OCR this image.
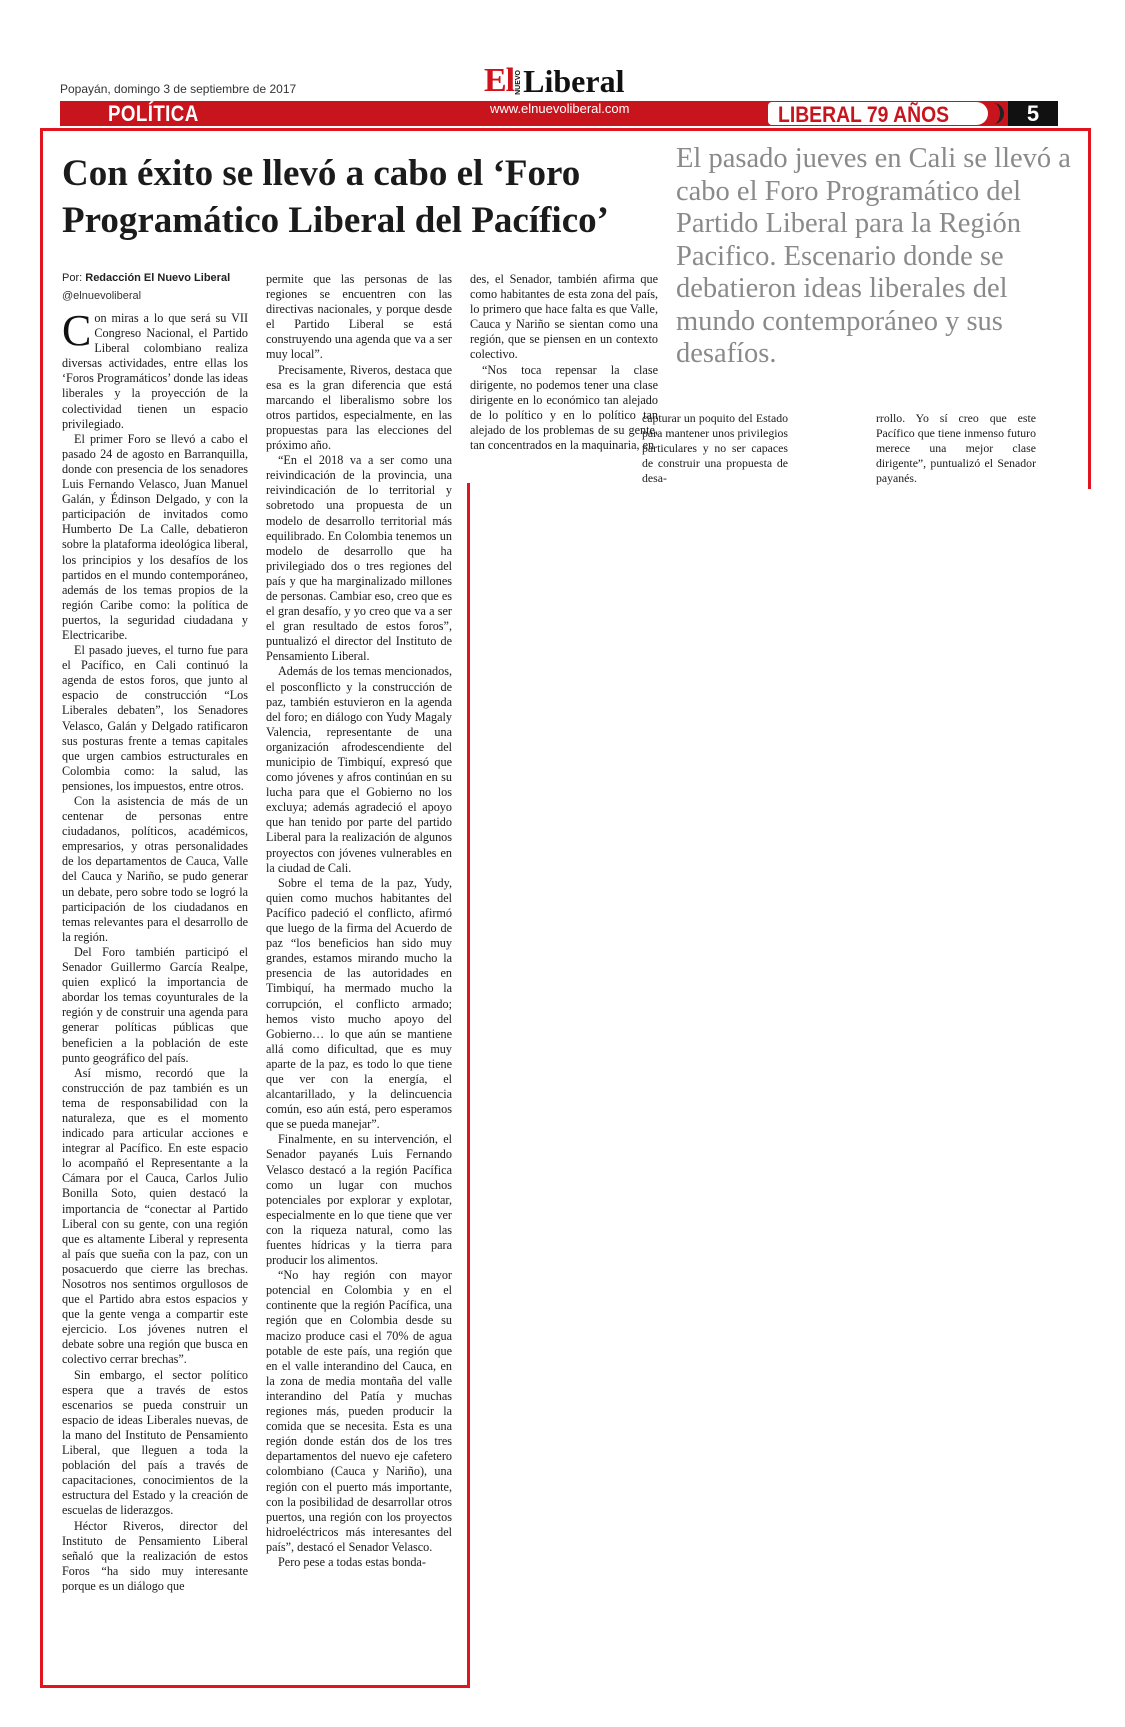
Popayán, domingo 3 de septiembre de 2017	El NUEVO Liberal
POLÍTICA	www.elnuevoliberal.com	LIBERAL 79 AÑOS	5
Con éxito se llevó a cabo el ‘Foro Programático Liberal del Pacífico’

El pasado jueves en Cali se llevó a cabo el Foro Programático del Partido Liberal para la Región Pacifico. Escenario donde se debatieron ideas liberales del mundo contemporáneo y sus desafíos.

Por: Redacción El Nuevo Liberal
@elnuevoliberal

Con miras a lo que será su VII Congreso Nacional, el Partido Liberal colombiano realiza diversas actividades, entre ellas los ‘Foros Programáticos’ donde las ideas liberales y la proyección de la colectividad tienen un espacio privilegiado.

El primer Foro se llevó a cabo el pasado 24 de agosto en Barranquilla, donde con presencia de los senadores Luis Fernando Velasco, Juan Manuel Galán, y Édinson Delgado, y con la participación de invitados como Humberto De La Calle, debatieron sobre la plataforma ideológica liberal, los principios y los desafíos de los partidos en el mundo contemporáneo, además de los temas propios de la región Caribe como: la política de puertos, la seguridad ciudadana y Electricaribe.

El pasado jueves, el turno fue para el Pacífico, en Cali continuó la agenda de estos foros, que junto al espacio de construcción “Los Liberales debaten”, los Senadores Velasco, Galán y Delgado ratificaron sus posturas frente a temas capitales que urgen cambios estructurales en Colombia como: la salud, las pensiones, los impuestos, entre otros.

Con la asistencia de más de un centenar de personas entre ciudadanos, políticos, académicos, empresarios, y otras personalidades de los departamentos de Cauca, Valle del Cauca y Nariño, se pudo generar un debate, pero sobre todo se logró la participación de los ciudadanos en temas relevantes para el desarrollo de la región.

Del Foro también participó el Senador Guillermo García Realpe, quien explicó la importancia de abordar los temas coyunturales de la región y de construir una agenda para generar políticas públicas que beneficien a la población de este punto geográfico del país.

Así mismo, recordó que la construcción de paz también es un tema de responsabilidad con la naturaleza, que es el momento indicado para articular acciones e integrar al Pacífico. En este espacio lo acompañó el Representante a la Cámara por el Cauca, Carlos Julio Bonilla Soto, quien destacó la importancia de “conectar al Partido Liberal con su gente, con una región que es altamente Liberal y representa al país que sueña con la paz, con un posacuerdo que cierre las brechas. Nosotros nos sentimos orgullosos de que el Partido abra estos espacios y que la gente venga a compartir este ejercicio. Los jóvenes nutren el debate sobre una región que busca en colectivo cerrar brechas”.

Sin embargo, el sector político espera que a través de estos escenarios se pueda construir un espacio de ideas Liberales nuevas, de la mano del Instituto de Pensamiento Liberal, que lleguen a toda la población del país a través de capacitaciones, conocimientos de la estructura del Estado y la creación de escuelas de liderazgos.

Héctor Riveros, director del Instituto de Pensamiento Liberal señaló que la realización de estos Foros “ha sido muy interesante porque es un diálogo que

permite que las personas de las regiones se encuentren con las directivas nacionales, y porque desde el Partido Liberal se está construyendo una agenda que va a ser muy local”.

Precisamente, Riveros, destaca que esa es la gran diferencia que está marcando el liberalismo sobre los otros partidos, especialmente, en las propuestas para las elecciones del próximo año.

“En el 2018 va a ser como una reivindicación de la provincia, una reivindicación de lo territorial y sobretodo una propuesta de un modelo de desarrollo territorial más equilibrado. En Colombia tenemos un modelo de desarrollo que ha privilegiado dos o tres regiones del país y que ha marginalizado millones de personas. Cambiar eso, creo que es el gran desafío, y yo creo que va a ser el gran resultado de estos foros”, puntualizó el director del Instituto de Pensamiento Liberal.

Además de los temas mencionados, el posconflicto y la construcción de paz, también estuvieron en la agenda del foro; en diálogo con Yudy Magaly Valencia, representante de una organización afrodescendiente del municipio de Timbiquí, expresó que como jóvenes y afros continúan en su lucha para que el Gobierno no los excluya; además agradeció el apoyo que han tenido por parte del partido Liberal para la realización de algunos proyectos con jóvenes vulnerables en la ciudad de Cali.

Sobre el tema de la paz, Yudy, quien como muchos habitantes del Pacífico padeció el conflicto, afirmó que luego de la firma del Acuerdo de paz “los beneficios han sido muy grandes, estamos mirando mucho la presencia de las autoridades en Timbiquí, ha mermado mucho la corrupción, el conflicto armado; hemos visto mucho apoyo del Gobierno… lo que aún se mantiene allá como dificultad, que es muy aparte de la paz, es todo lo que tiene que ver con la energía, el alcantarillado, y la delincuencia común, eso aún está, pero esperamos que se pueda manejar”.

Finalmente, en su intervención, el Senador payanés Luis Fernando Velasco destacó a la región Pacífica como un lugar con muchos potenciales por explorar y explotar, especialmente en lo que tiene que ver con la riqueza natural, como las fuentes hídricas y la tierra para producir los alimentos.

“No hay región con mayor potencial en Colombia y en el continente que la región Pacífica, una región que en Colombia desde su macizo produce casi el 70% de agua potable de este país, una región que en el valle interandino del Cauca, en la zona de media montaña del valle interandino del Patía y muchas regiones más, pueden producir la comida que se necesita. Esta es una región donde están dos de los tres departamentos del nuevo eje cafetero colombiano (Cauca y Nariño), una región con el puerto más importante, con la posibilidad de desarrollar otros puertos, una región con los proyectos hidroeléctricos más interesantes del país”, destacó el Senador Velasco.

Pero pese a todas estas bonda-

des, el Senador, también afirma que como habitantes de esta zona del país, lo primero que hace falta es que Valle, Cauca y Nariño se sientan como una región, que se piensen en un contexto colectivo.

“Nos toca repensar la clase dirigente, no podemos tener una clase dirigente en lo económico tan alejado de lo político y en lo político tan alejado de los problemas de su gente, tan concentrados en la maquinaria, en

capturar un poquito del Estado para mantener unos privilegios particulares y no ser capaces de construir una propuesta de desa-

rrollo. Yo sí creo que este Pacífico que tiene inmenso futuro merece una mejor clase dirigente”, puntualizó el Senador payanés.
